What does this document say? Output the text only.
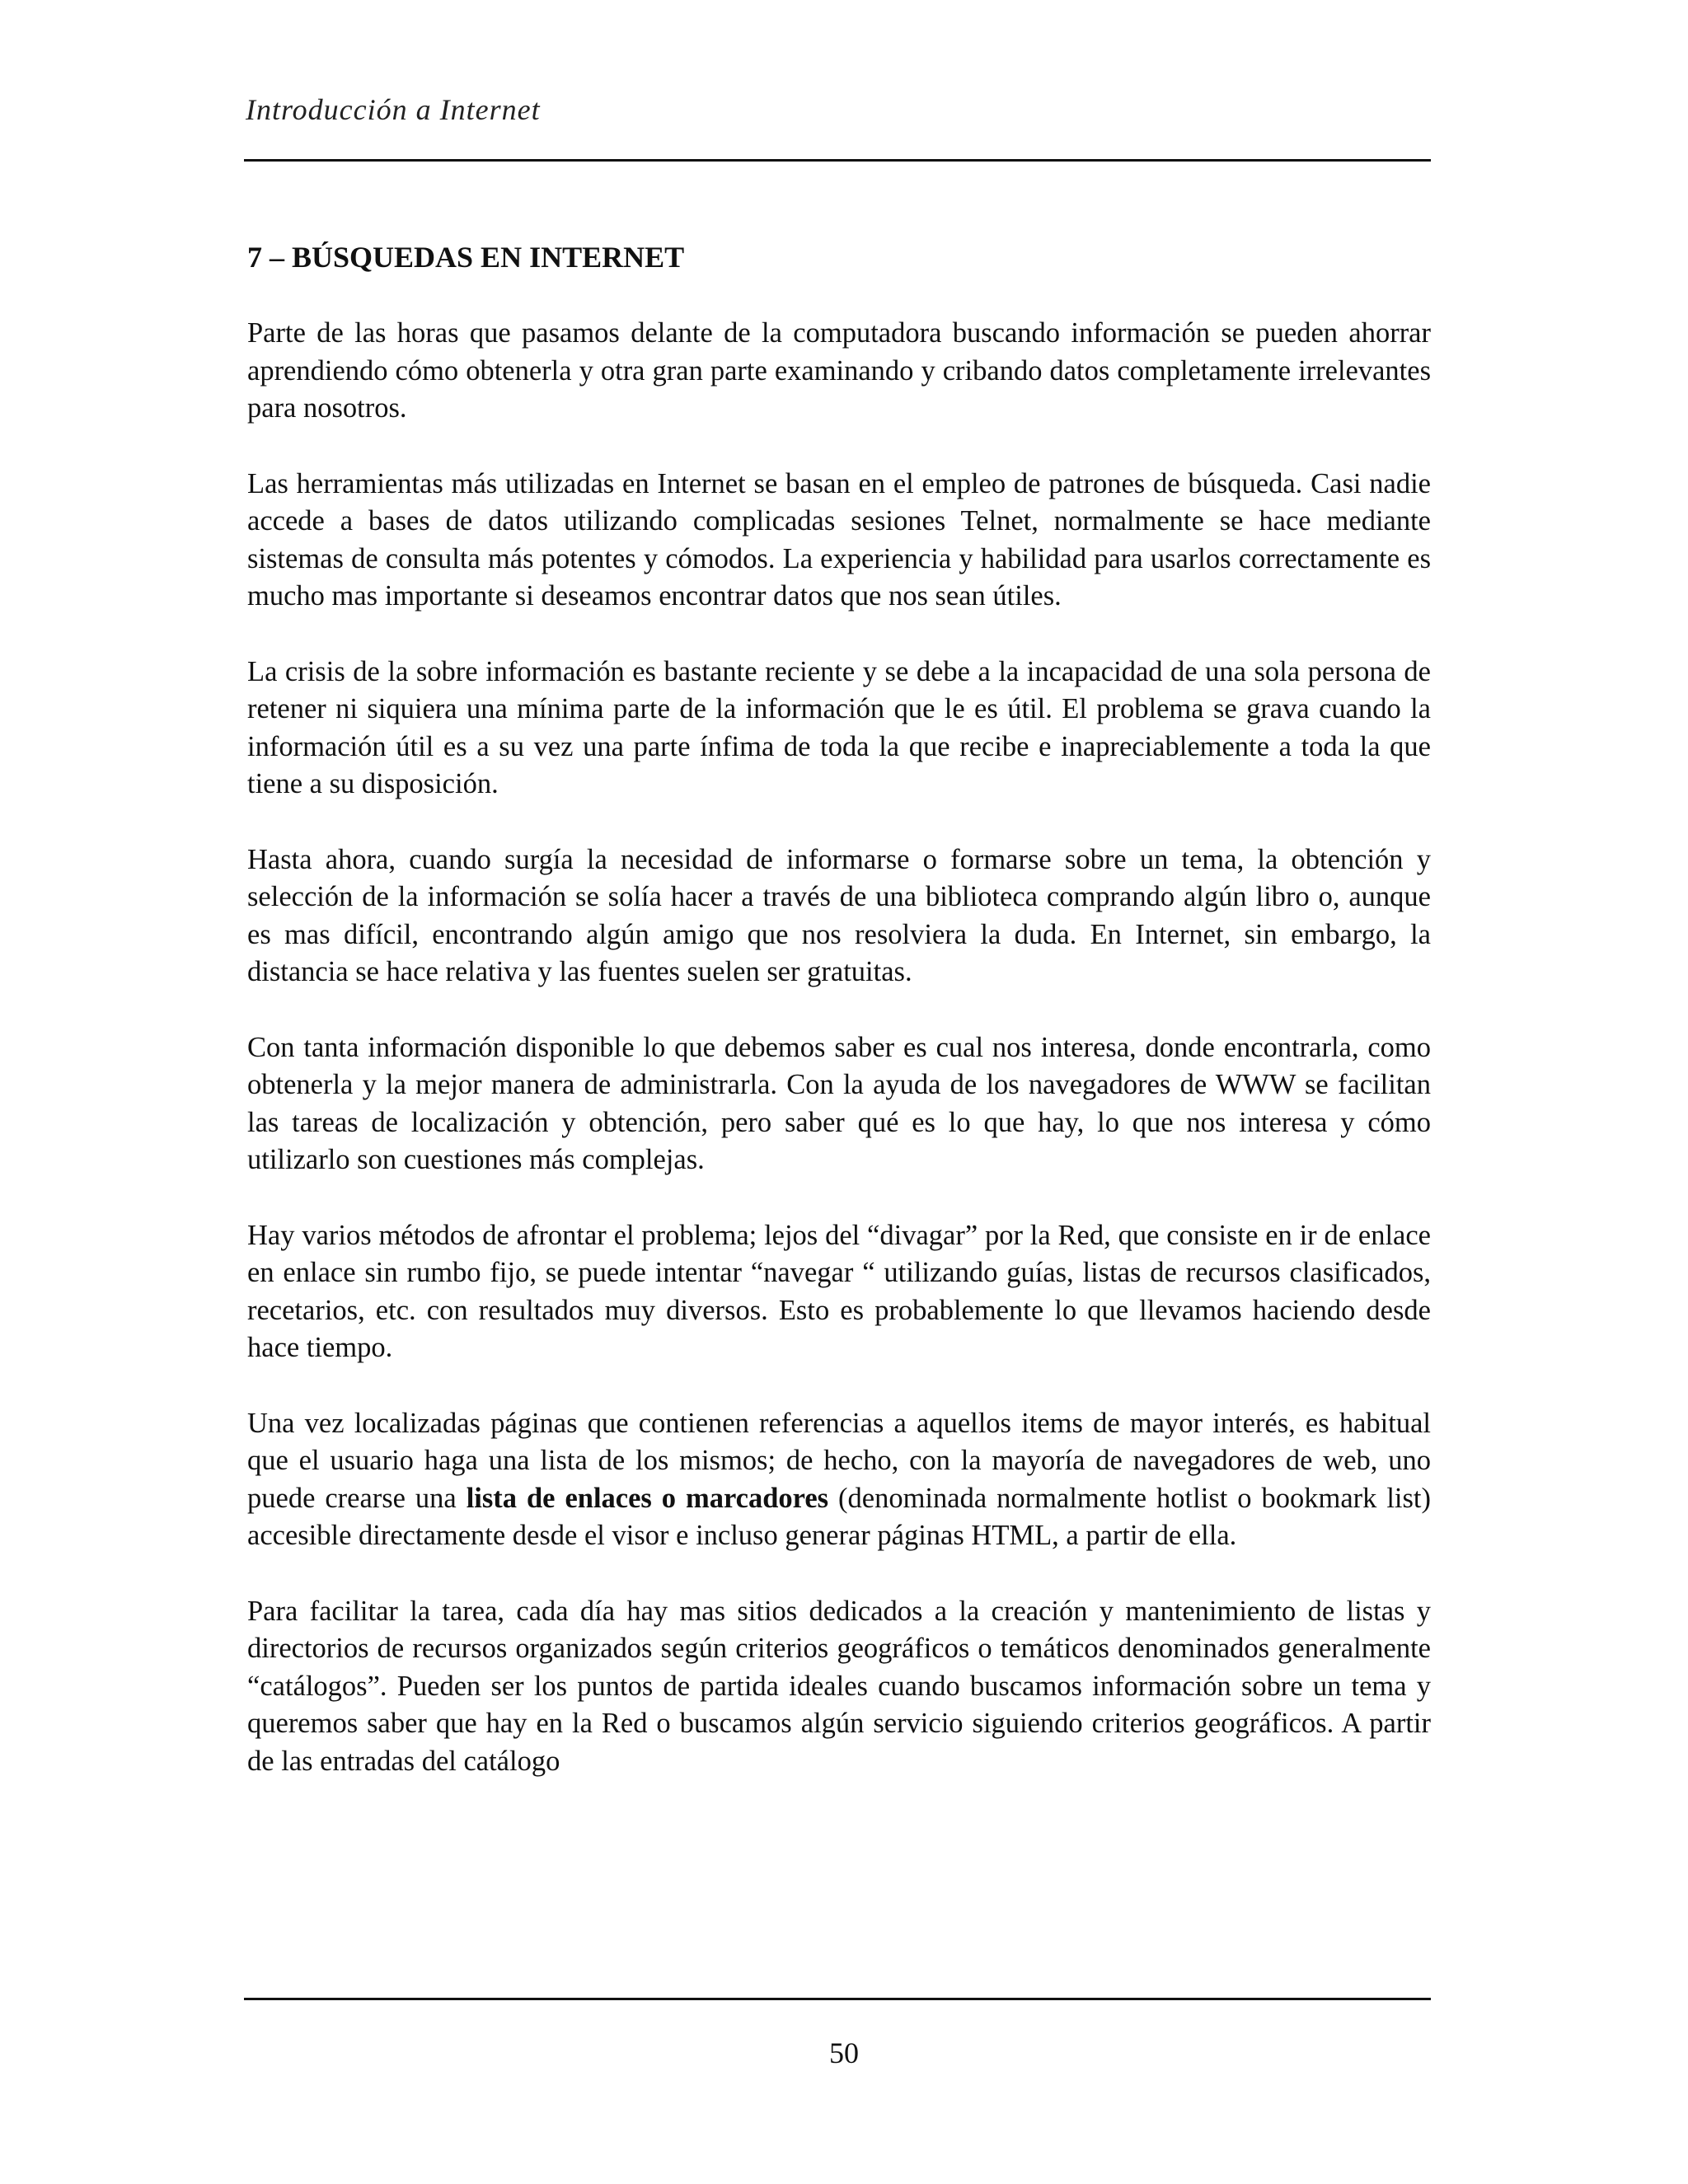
Introducción a Internet
7 – BÚSQUEDAS EN INTERNET

Parte de las horas que pasamos delante de la computadora buscando información se pueden ahorrar aprendiendo cómo obtenerla y otra gran parte examinando y cribando datos completamente irrelevantes para nosotros.

Las herramientas más utilizadas en Internet se basan en el empleo de patrones de búsqueda. Casi nadie accede a bases de datos utilizando complicadas sesiones Telnet, normalmente se hace mediante sistemas de consulta más potentes y cómodos. La experiencia y habilidad para usarlos correctamente es mucho mas importante si deseamos encontrar datos que nos sean útiles.

La crisis de la sobre información es bastante reciente y se debe a la incapacidad de una sola persona de retener ni siquiera una mínima parte de la información que le es útil. El problema se grava cuando la información útil es a su vez una parte ínfima de toda la que recibe e inapreciablemente a toda la que tiene a su disposición.

Hasta ahora, cuando surgía la necesidad de informarse o formarse sobre un tema, la obtención y selección de la información se solía hacer a través de una biblioteca comprando algún libro o, aunque es mas difícil, encontrando algún amigo que nos resolviera la duda. En Internet, sin embargo, la distancia se hace relativa y las fuentes suelen ser gratuitas.

Con tanta información disponible lo que debemos saber es cual nos interesa, donde encontrarla, como obtenerla y la mejor manera de administrarla. Con la ayuda de los navegadores de WWW se facilitan las tareas de localización y obtención, pero saber qué es lo que hay, lo que nos interesa y cómo utilizarlo son cuestiones más complejas.

Hay varios métodos de afrontar el problema; lejos del “divagar” por la Red, que consiste en ir de enlace en enlace sin rumbo fijo, se puede intentar “navegar “ utilizando guías, listas de recursos clasificados, recetarios, etc. con resultados muy diversos. Esto es probablemente lo que llevamos haciendo desde hace tiempo.

Una vez localizadas páginas que contienen referencias a aquellos items de mayor interés, es habitual que el usuario haga una lista de los mismos; de hecho, con la mayoría de navegadores de web, uno puede crearse una lista de enlaces o marcadores (denominada normalmente hotlist o bookmark list) accesible directamente desde el visor e incluso generar páginas HTML, a partir de ella.

Para facilitar la tarea, cada día hay mas sitios dedicados a la creación y mantenimiento de listas y directorios de recursos organizados según criterios geográficos o temáticos denominados generalmente “catálogos”. Pueden ser los puntos de partida ideales cuando buscamos información sobre un tema y queremos saber que hay en la Red o buscamos algún servicio siguiendo criterios geográficos. A partir de las entradas del catálogo

50
